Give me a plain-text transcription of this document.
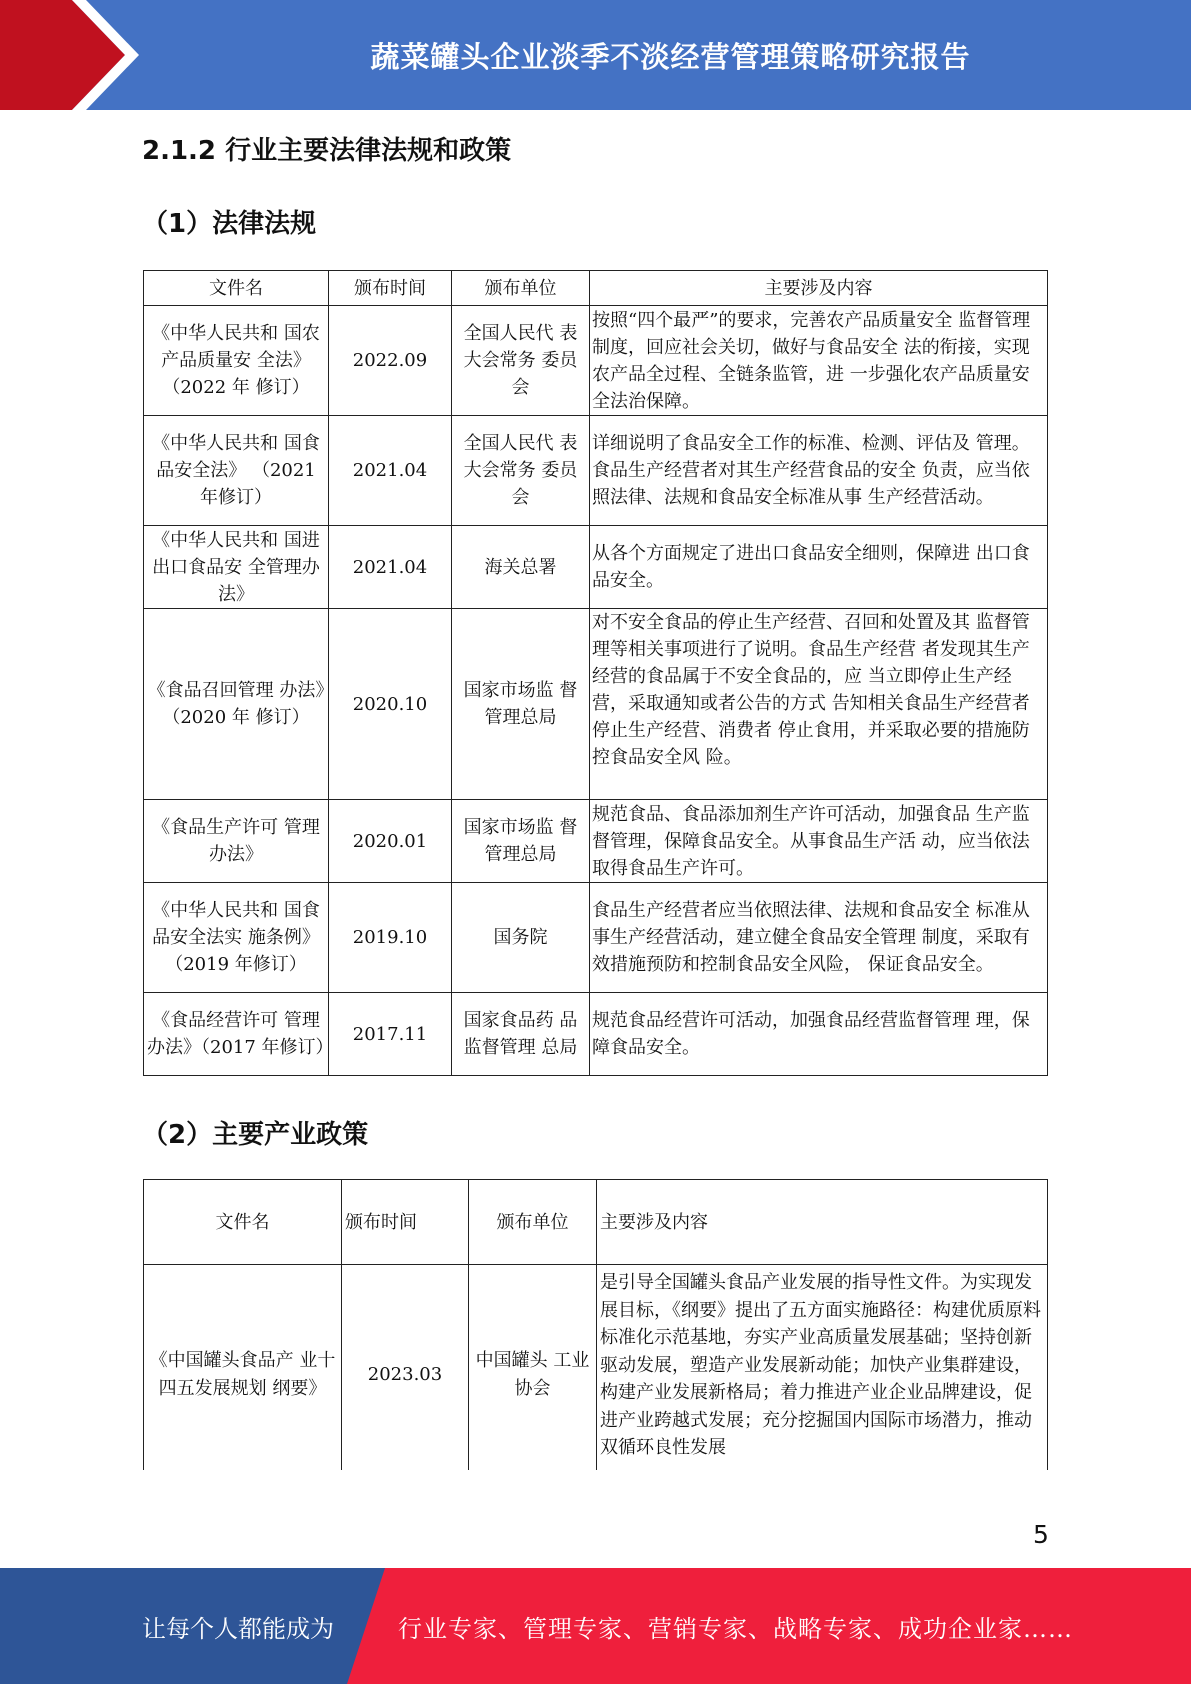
蔬菜罐头企业淡季不淡经营管理策略研究报告
2.1.2 行业主要法律法规和政策
（1）法律法规
文件名	颁布时间	颁布单位	主要涉及内容
《中华人民共和 国农产品质量安 全法》（2022 年 修订）	2022.09	全国人民代 表大会常务 委员会	按照“四个最严”的要求，完善农产品质量安全 监督管理制度，回应社会关切，做好与食品安全 法的衔接，实现农产品全过程、全链条监管，进 一步强化农产品质量安全法治保障。
《中华人民共和 国食品安全法》 （2021 年修订）	2021.04	全国人民代 表大会常务 委员会	详细说明了食品安全工作的标准、检测、评估及 管理。食品生产经营者对其生产经营食品的安全 负责，应当依照法律、法规和食品安全标准从事 生产经营活动。
《中华人民共和 国进出口食品安 全管理办法》	2021.04	海关总署	从各个方面规定了进出口食品安全细则，保障进 出口食品安全。
《食品召回管理 办法》（2020 年 修订）	2020.10	国家市场监 督管理总局	对不安全食品的停止生产经营、召回和处置及其 监督管理等相关事项进行了说明。食品生产经营 者发现其生产经营的食品属于不安全食品的，应 当立即停止生产经营，采取通知或者公告的方式 告知相关食品生产经营者停止生产经营、消费者 停止食用，并采取必要的措施防控食品安全风 险。
《食品生产许可 管理办法》	2020.01	国家市场监 督管理总局	规范食品、食品添加剂生产许可活动，加强食品 生产监督管理，保障食品安全。从事食品生产活 动，应当依法取得食品生产许可。
《中华人民共和 国食品安全法实 施条例》（2019 年修订）	2019.10	国务院	食品生产经营者应当依照法律、法规和食品安全 标准从事生产经营活动，建立健全食品安全管理 制度，采取有效措施预防和控制食品安全风险， 保证食品安全。
《食品经营许可 管理办法》（2017 年修订）	2017.11	国家食品药 品监督管理 总局	规范食品经营许可活动，加强食品经营监督管理 理，保障食品安全。
（2）主要产业政策
文件名	颁布时间	颁布单位	主要涉及内容
《中国罐头食品产 业十四五发展规划 纲要》	2023.03	中国罐头 工业协会	是引导全国罐头食品产业发展的指导性文件。为实现发展目标，《纲要》提出了五方面实施路径：构建优质原料标准化示范基地，夯实产业高质量发展基础；坚持创新驱动发展，塑造产业发展新动能；加快产业集群建设，构建产业发展新格局；着力推进产业企业品牌建设，促进产业跨越式发展；充分挖掘国内国际市场潜力，推动双循环良性发展
5
让每个人都能成为	行业专家、管理专家、营销专家、战略专家、成功企业家……
